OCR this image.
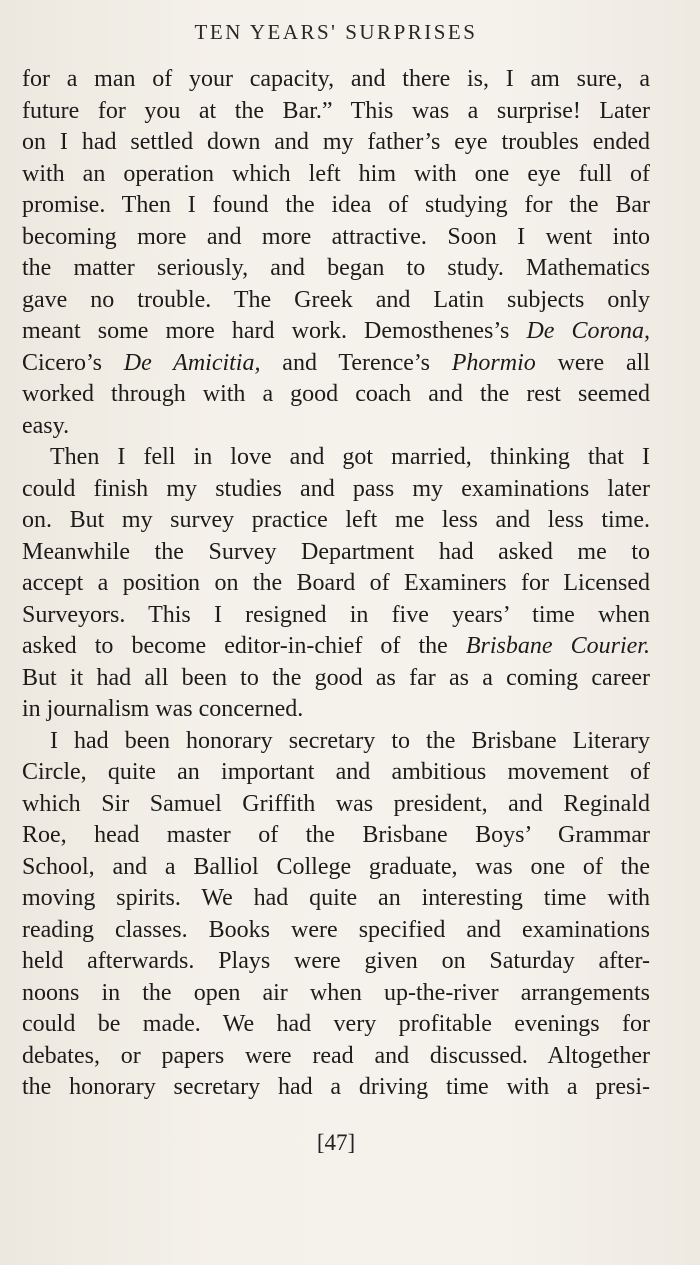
TEN YEARS' SURPRISES
for a man of your capacity, and there is, I am sure, a
future for you at the Bar.” This was a surprise! Later
on I had settled down and my father’s eye troubles ended
with an operation which left him with one eye full of
promise. Then I found the idea of studying for the Bar
becoming more and more attractive. Soon I went into
the matter seriously, and began to study. Mathematics
gave no trouble. The Greek and Latin subjects only
meant some more hard work. Demosthenes’s De Corona,
Cicero’s De Amicitia, and Terence’s Phormio were all
worked through with a good coach and the rest seemed
easy.
Then I fell in love and got married, thinking that I
could finish my studies and pass my examinations later
on. But my survey practice left me less and less time.
Meanwhile the Survey Department had asked me to
accept a position on the Board of Examiners for Licensed
Surveyors. This I resigned in five years’ time when
asked to become editor-in-chief of the Brisbane Courier.
But it had all been to the good as far as a coming career
in journalism was concerned.
I had been honorary secretary to the Brisbane Literary
Circle, quite an important and ambitious movement of
which Sir Samuel Griffith was president, and Reginald
Roe, head master of the Brisbane Boys’ Grammar
School, and a Balliol College graduate, was one of the
moving spirits. We had quite an interesting time with
reading classes. Books were specified and examinations
held afterwards. Plays were given on Saturday after-
noons in the open air when up-the-river arrangements
could be made. We had very profitable evenings for
debates, or papers were read and discussed. Altogether
the honorary secretary had a driving time with a presi-
[47]
